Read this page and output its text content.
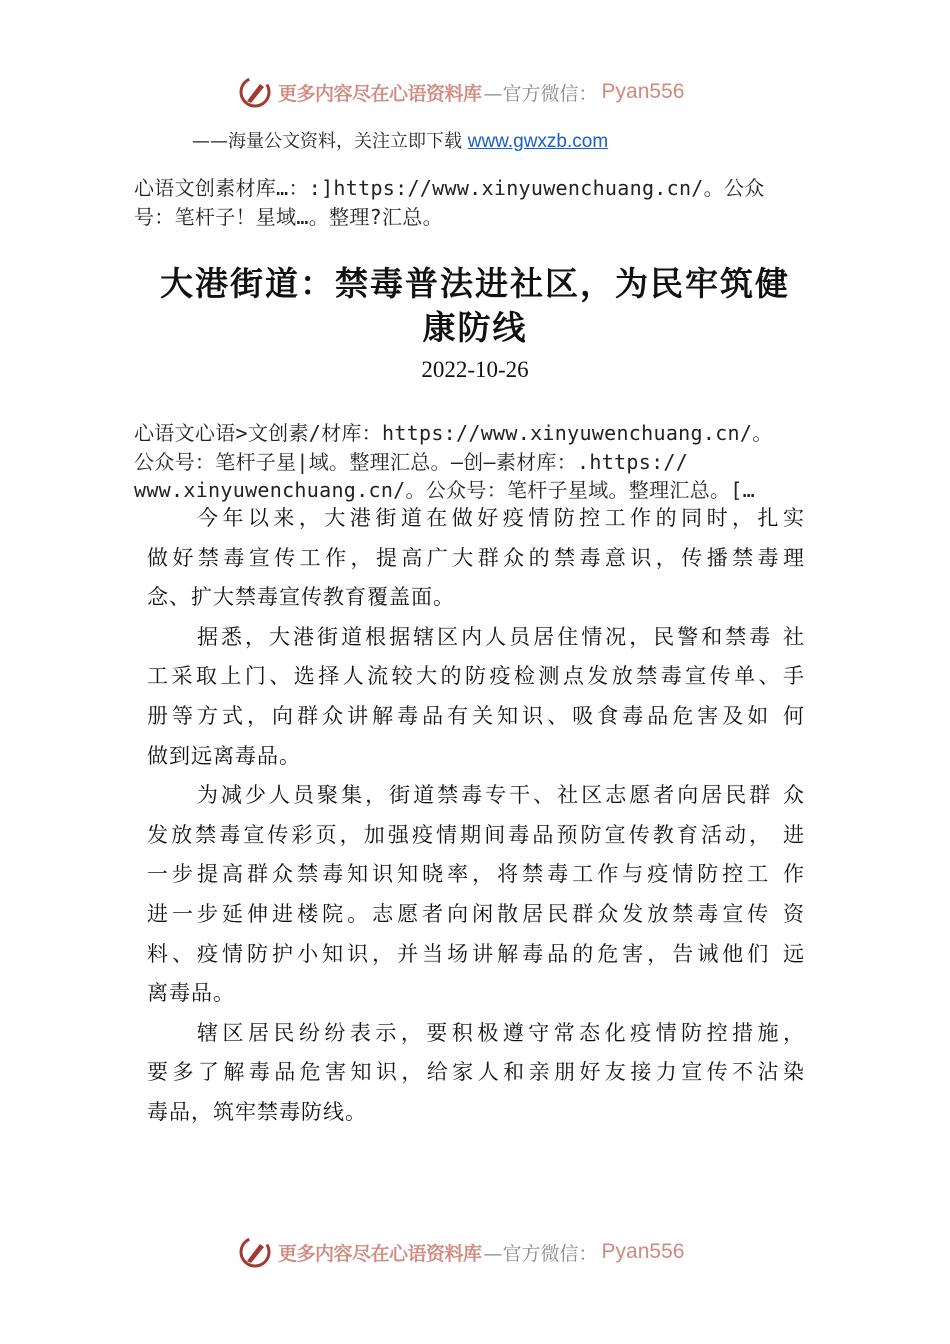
更多内容尽在心语资料库 —官方微信： Pyan556
——海量公文资料，关注立即下载 www.gwxzb.com
心语文创素材库…：:]https://www.xinyuwenchuang.cn/。公众
号：笔杆子！星域…。整理?汇总。
大港街道：禁毒普法进社区，为民牢筑健
康防线
2022-10-26
心语文心语>文创素/材库：https://www.xinyuwenchuang.cn/。
公众号：笔杆子星|域。整理汇总。—创—素材库：.https://
www.xinyuwenchuang.cn/。公众号：笔杆子星域。整理汇总。[…
今年以来，大港街道在做好疫情防控工作的同时，扎实
做好禁毒宣传工作，提高广大群众的禁毒意识，传播禁毒理
念、扩大禁毒宣传教育覆盖面。
据悉，大港街道根据辖区内人员居住情况，民警和禁毒 社
工采取上门、选择人流较大的防疫检测点发放禁毒宣传单、手
册等方式，向群众讲解毒品有关知识、吸食毒品危害及如 何
做到远离毒品。
为减少人员聚集，街道禁毒专干、社区志愿者向居民群 众
发放禁毒宣传彩页，加强疫情期间毒品预防宣传教育活动， 进
一步提高群众禁毒知识知晓率，将禁毒工作与疫情防控工 作
进一步延伸进楼院。志愿者向闲散居民群众发放禁毒宣传 资
料、疫情防护小知识，并当场讲解毒品的危害，告诫他们 远
离毒品。
辖区居民纷纷表示，要积极遵守常态化疫情防控措施，
要多了解毒品危害知识，给家人和亲朋好友接力宣传不沾染
毒品，筑牢禁毒防线。
更多内容尽在心语资料库 —官方微信： Pyan556
